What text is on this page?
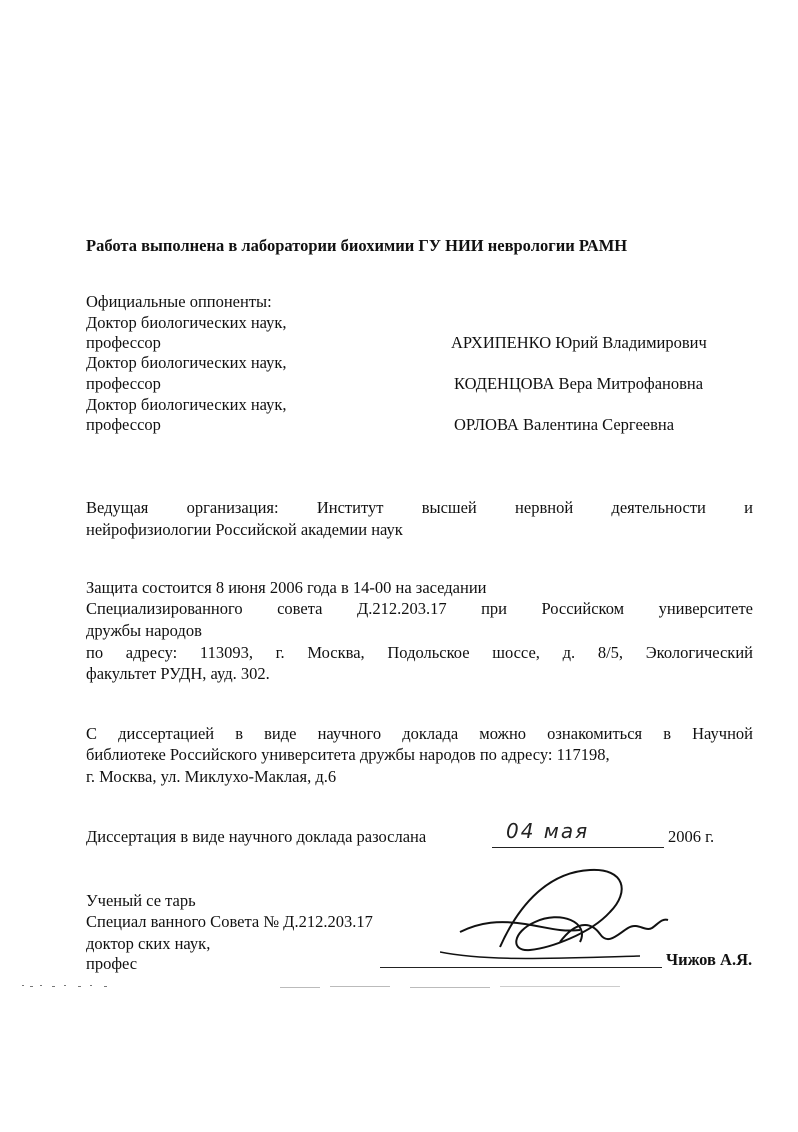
Работа выполнена в лаборатории биохимии ГУ НИИ неврологии РАМН
Официальные оппоненты:
Доктор биологических наук,
профессор	АРХИПЕНКО Юрий Владимирович
Доктор биологических наук,
профессор	КОДЕНЦОВА Вера Митрофановна
Доктор биологических наук,
профессор	ОРЛОВА Валентина Сергеевна
Ведущая организация: Институт высшей нервной деятельности и
нейрофизиологии Российской академии наук
Защита состоится 8 июня 2006 года в 14-00 на заседании
Специализированного совета Д.212.203.17 при Российском университете
дружбы народов
по адресу: 113093, г. Москва, Подольское шоссе, д. 8/5, Экологический
факультет РУДН, ауд. 302.
С диссертацией в виде научного доклада можно ознакомиться в Научной
библиотеке Российского университета дружбы народов по адресу: 117198,
г. Москва, ул. Миклухо-Маклая, д.6
Диссертация в виде научного доклада разослана	04 мая	2006 г.
Ученый се тарь
Специал ванного Совета № Д.212.203.17
доктор ских наук,
профес	Чижов А.Я.
